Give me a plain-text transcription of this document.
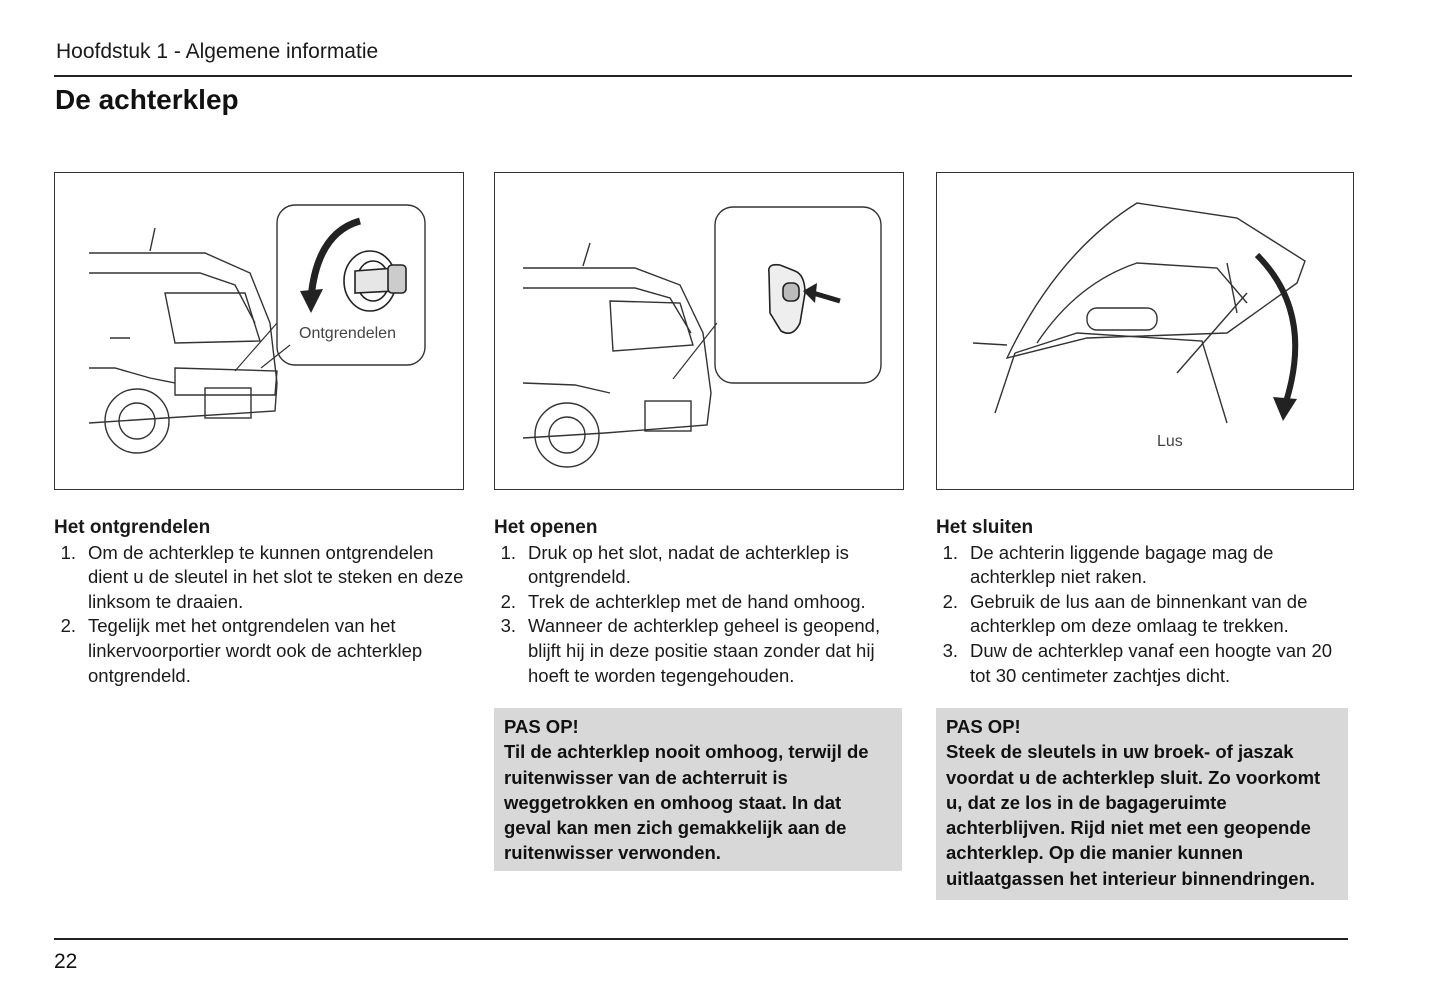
Hoofdstuk 1 - Algemene informatie
De achterklep
Ontgrendelen
Lus
Het ontgrendelen
1. Om de achterklep te kunnen ontgrendelen dient u de sleutel in het slot te steken en deze linksom te draaien.
2. Tegelijk met het ontgrendelen van het linkervoorportier wordt ook de achterklep ontgrendeld.
Het openen
1. Druk op het slot, nadat de achterklep is ontgrendeld.
2. Trek de achterklep met de hand omhoog.
3. Wanneer de achterklep geheel is geopend, blijft hij in deze positie staan zonder dat hij hoeft te worden tegengehouden.
PAS OP!
Til de achterklep nooit omhoog, terwijl de ruitenwisser van de achterruit is weggetrokken en omhoog staat. In dat geval kan men zich gemakkelijk aan de ruitenwisser verwonden.
Het sluiten
1. De achterin liggende bagage mag de achterklep niet raken.
2. Gebruik de lus aan de binnenkant van de achterklep om deze omlaag te trekken.
3. Duw de achterklep vanaf een hoogte van 20 tot 30 centimeter zachtjes dicht.
PAS OP!
Steek de sleutels in uw broek- of jaszak voordat u de achterklep sluit. Zo voorkomt u, dat ze los in de bagageruimte achterblijven. Rijd niet met een geopende achterklep. Op die manier kunnen uitlaatgassen het interieur binnendringen.
22
